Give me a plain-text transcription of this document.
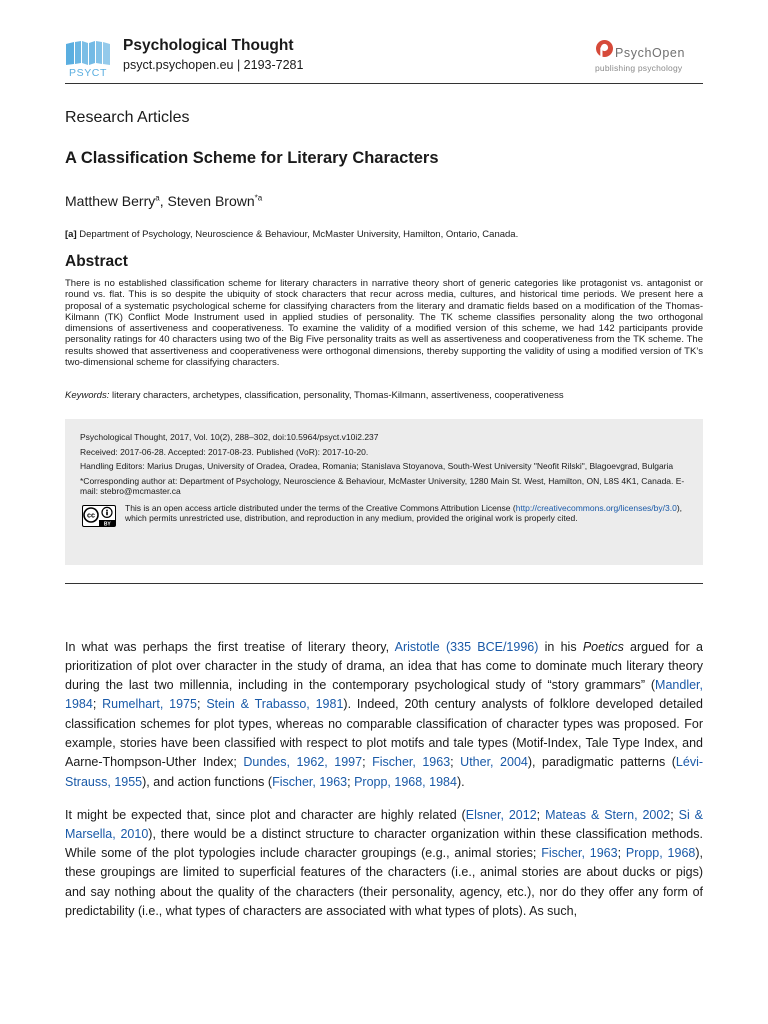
PSYCT
Psychological Thought
psyct.psychopen.eu | 2193-7281
PsychOpen
publishing psychology
Research Articles
A Classification Scheme for Literary Characters
Matthew Berry$^a$, Steven Brown$^{*a}$
[a] Department of Psychology, Neuroscience & Behaviour, McMaster University, Hamilton, Ontario, Canada.
Abstract
There is no established classification scheme for literary characters in narrative theory short of generic categories like protagonist vs. antagonist or round vs. flat. This is so despite the ubiquity of stock characters that recur across media, cultures, and historical time periods. We present here a proposal of a systematic psychological scheme for classifying characters from the literary and dramatic fields based on a modification of the Thomas-Kilmann (TK) Conflict Mode Instrument used in applied studies of personality. The TK scheme classifies personality along the two orthogonal dimensions of assertiveness and cooperativeness. To examine the validity of a modified version of this scheme, we had 142 participants provide personality ratings for 40 characters using two of the Big Five personality traits as well as assertiveness and cooperativeness from the TK scheme. The results showed that assertiveness and cooperativeness were orthogonal dimensions, thereby supporting the validity of using a modified version of TK’s two-dimensional scheme for classifying characters.
Keywords: literary characters, archetypes, classification, personality, Thomas-Kilmann, assertiveness, cooperativeness

Psychological Thought, 2017, Vol. 10(2), 288–302, doi:10.5964/psyct.v10i2.237

Received: 2017-06-28. Accepted: 2017-08-23. Published (VoR): 2017-10-20.

Handling Editors: Marius Drugas, University of Oradea, Oradea, Romania; Stanislava Stoyanova, South-West University "Neofit Rilski", Blagoevgrad, Bulgaria

*Corresponding author at: Department of Psychology, Neuroscience & Behaviour, McMaster University, 1280 Main St. West, Hamilton, ON, L8S 4K1, Canada. E-mail: stebro@mcmaster.ca

cc
BY
This is an open access article distributed under the terms of the Creative Commons Attribution License (http://creativecommons.org/licenses/by/3.0), which permits unrestricted use, distribution, and reproduction in any medium, provided the original work is properly cited.

In what was perhaps the first treatise of literary theory, Aristotle (335 BCE/1996) in his Poetics argued for a prioritization of plot over character in the study of drama, an idea that has come to dominate much literary theory during the last two millennia, including in the contemporary psychological study of “story grammars” (Mandler, 1984; Rumelhart, 1975; Stein & Trabasso, 1981). Indeed, 20th century analysts of folklore developed detailed classification schemes for plot types, whereas no comparable classification of character types was proposed. For example, stories have been classified with respect to plot motifs and tale types (Motif-Index, Tale Type Index, and Aarne-Thompson-Uther Index; Dundes, 1962, 1997; Fischer, 1963; Uther, 2004), paradigmatic patterns (Lévi-Strauss, 1955), and action functions (Fischer, 1963; Propp, 1968, 1984).

It might be expected that, since plot and character are highly related (Elsner, 2012; Mateas & Stern, 2002; Si & Marsella, 2010), there would be a distinct structure to character organization within these classification methods. While some of the plot typologies include character groupings (e.g., animal stories; Fischer, 1963; Propp, 1968), these groupings are limited to superficial features of the characters (i.e., animal stories are about ducks or pigs) and say nothing about the quality of the characters (their personality, agency, etc.), nor do they offer any form of predictability (i.e., what types of characters are associated with what types of plots). As such,
